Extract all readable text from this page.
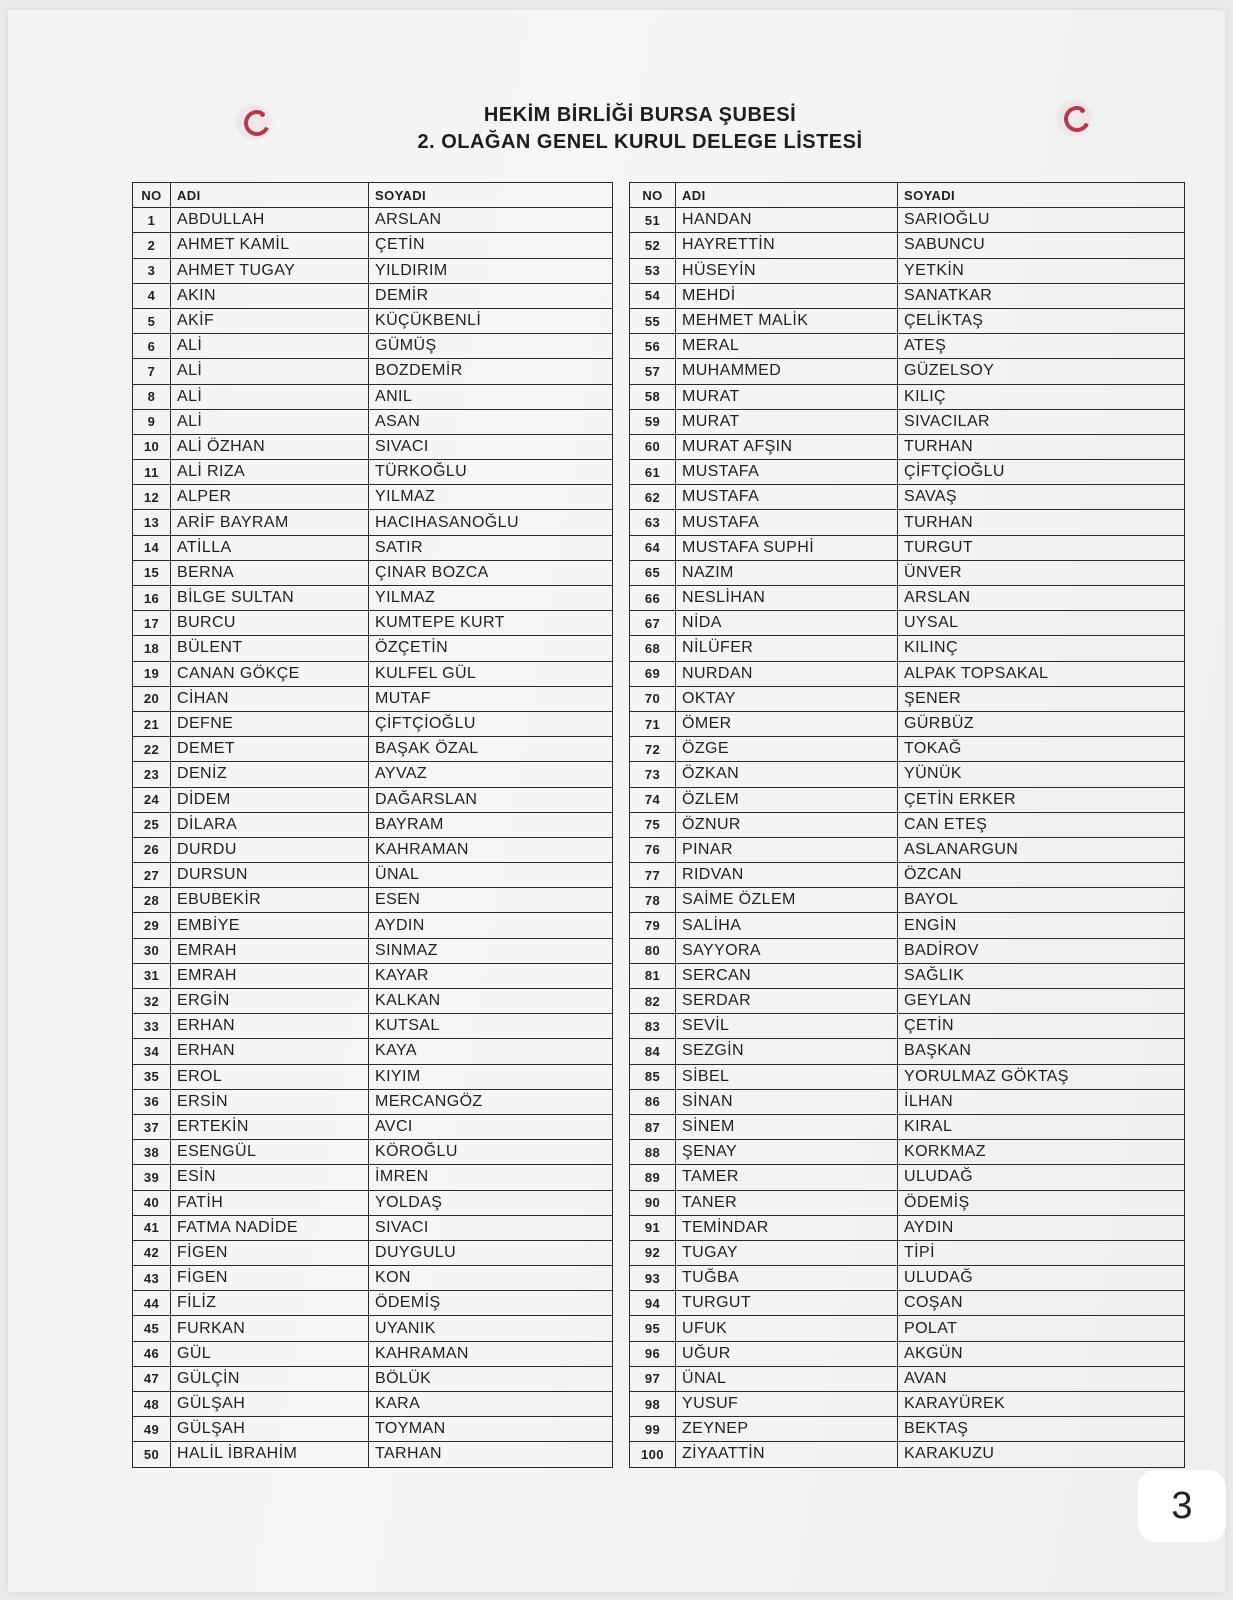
HEKİM BİRLİĞİ BURSA ŞUBESİ
2. OLAĞAN GENEL KURUL DELEGE LİSTESİ
NO	ADI	SOYADI
1	ABDULLAH	ARSLAN
2	AHMET KAMİL	ÇETİN
3	AHMET TUGAY	YILDIRIM
4	AKIN	DEMİR
5	AKİF	KÜÇÜKBENLİ
6	ALİ	GÜMÜŞ
7	ALİ	BOZDEMİR
8	ALİ	ANIL
9	ALİ	ASAN
10	ALİ ÖZHAN	SIVACI
11	ALİ RIZA	TÜRKOĞLU
12	ALPER	YILMAZ
13	ARİF BAYRAM	HACIHASANOĞLU
14	ATİLLA	SATIR
15	BERNA	ÇINAR BOZCA
16	BİLGE SULTAN	YILMAZ
17	BURCU	KUMTEPE KURT
18	BÜLENT	ÖZÇETİN
19	CANAN GÖKÇE	KULFEL GÜL
20	CİHAN	MUTAF
21	DEFNE	ÇİFTÇİOĞLU
22	DEMET	BAŞAK ÖZAL
23	DENİZ	AYVAZ
24	DİDEM	DAĞARSLAN
25	DİLARA	BAYRAM
26	DURDU	KAHRAMAN
27	DURSUN	ÜNAL
28	EBUBEKİR	ESEN
29	EMBİYE	AYDIN
30	EMRAH	SINMAZ
31	EMRAH	KAYAR
32	ERGİN	KALKAN
33	ERHAN	KUTSAL
34	ERHAN	KAYA
35	EROL	KIYIM
36	ERSİN	MERCANGÖZ
37	ERTEKİN	AVCI
38	ESENGÜL	KÖROĞLU
39	ESİN	İMREN
40	FATİH	YOLDAŞ
41	FATMA NADİDE	SIVACI
42	FİGEN	DUYGULU
43	FİGEN	KON
44	FİLİZ	ÖDEMİŞ
45	FURKAN	UYANIK
46	GÜL	KAHRAMAN
47	GÜLÇİN	BÖLÜK
48	GÜLŞAH	KARA
49	GÜLŞAH	TOYMAN
50	HALİL İBRAHİM	TARHAN
NO	ADI	SOYADI
51	HANDAN	SARIOĞLU
52	HAYRETTİN	SABUNCU
53	HÜSEYİN	YETKİN
54	MEHDİ	SANATKAR
55	MEHMET MALİK	ÇELİKTAŞ
56	MERAL	ATEŞ
57	MUHAMMED	GÜZELSOY
58	MURAT	KILIÇ
59	MURAT	SIVACILAR
60	MURAT AFŞIN	TURHAN
61	MUSTAFA	ÇİFTÇİOĞLU
62	MUSTAFA	SAVAŞ
63	MUSTAFA	TURHAN
64	MUSTAFA SUPHİ	TURGUT
65	NAZIM	ÜNVER
66	NESLİHAN	ARSLAN
67	NİDA	UYSAL
68	NİLÜFER	KILINÇ
69	NURDAN	ALPAK TOPSAKAL
70	OKTAY	ŞENER
71	ÖMER	GÜRBÜZ
72	ÖZGE	TOKAĞ
73	ÖZKAN	YÜNÜK
74	ÖZLEM	ÇETİN ERKER
75	ÖZNUR	CAN ETEŞ
76	PINAR	ASLANARGUN
77	RIDVAN	ÖZCAN
78	SAİME ÖZLEM	BAYOL
79	SALİHA	ENGİN
80	SAYYORA	BADİROV
81	SERCAN	SAĞLIK
82	SERDAR	GEYLAN
83	SEVİL	ÇETİN
84	SEZGİN	BAŞKAN
85	SİBEL	YORULMAZ GÖKTAŞ
86	SİNAN	İLHAN
87	SİNEM	KIRAL
88	ŞENAY	KORKMAZ
89	TAMER	ULUDAĞ
90	TANER	ÖDEMİŞ
91	TEMİNDAR	AYDIN
92	TUGAY	TİPİ
93	TUĞBA	ULUDAĞ
94	TURGUT	COŞAN
95	UFUK	POLAT
96	UĞUR	AKGÜN
97	ÜNAL	AVAN
98	YUSUF	KARAYÜREK
99	ZEYNEP	BEKTAŞ
100	ZİYAATTİN	KARAKUZU
3
